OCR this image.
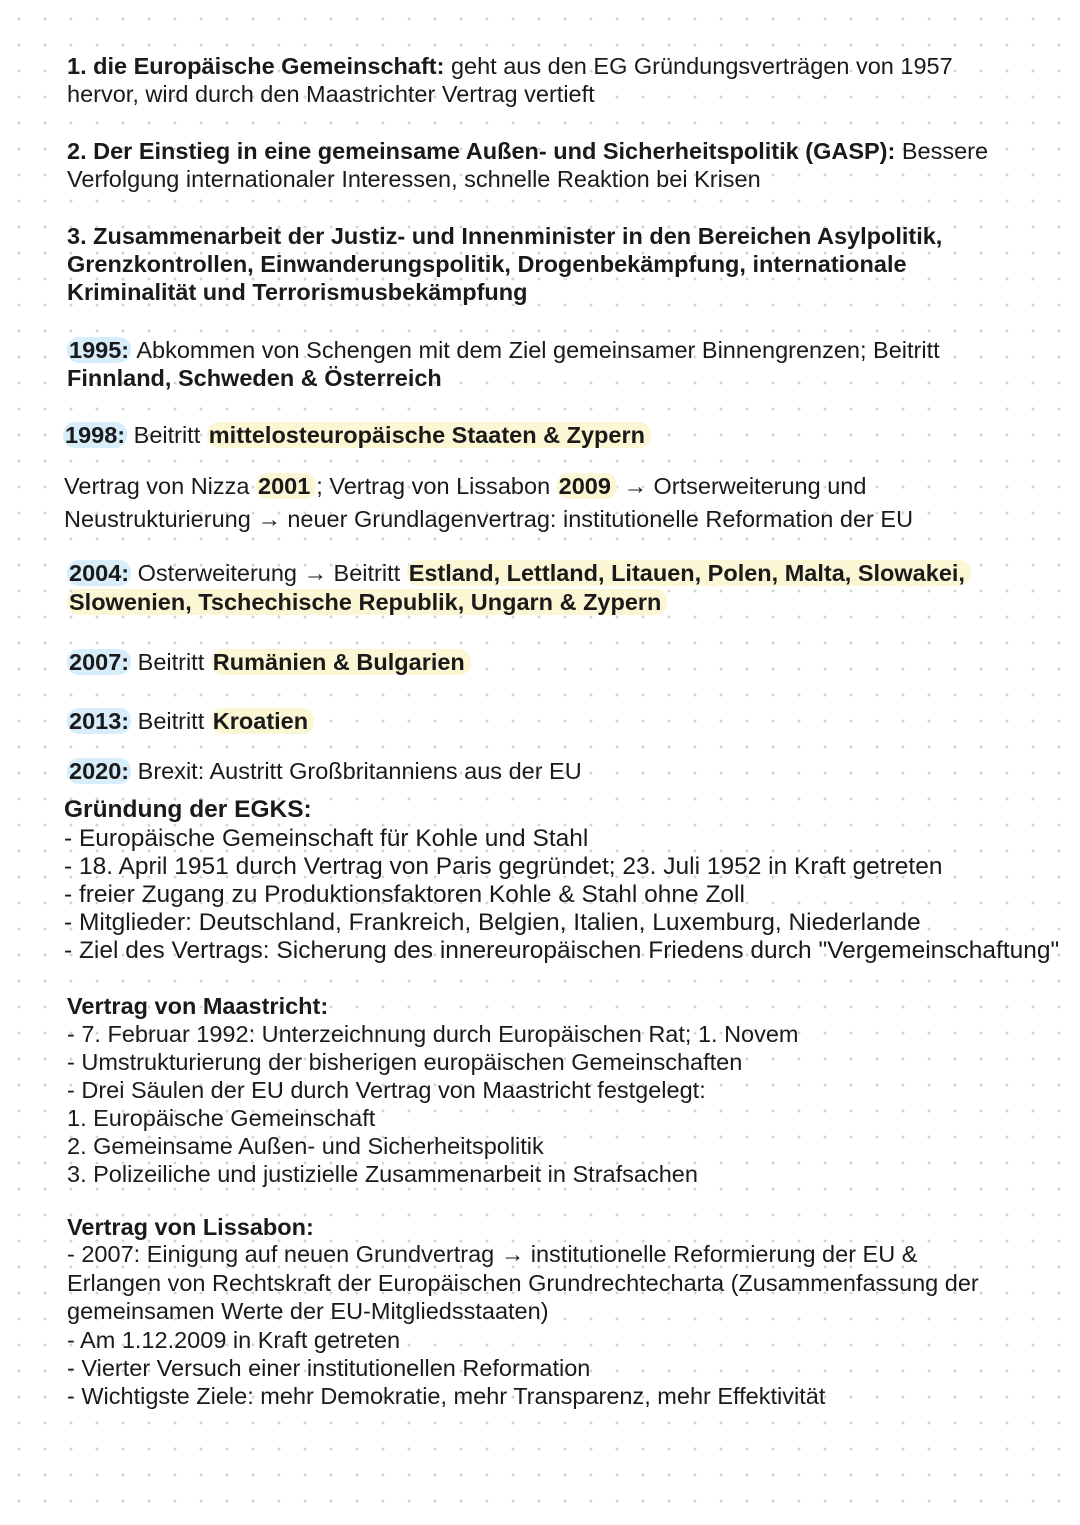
1. die Europäische Gemeinschaft: geht aus den EG Gründungsverträgen von 1957
hervor, wird durch den Maastrichter Vertrag vertieft
2. Der Einstieg in eine gemeinsame Außen- und Sicherheitspolitik (GASP): Bessere
Verfolgung internationaler Interessen, schnelle Reaktion bei Krisen
3. Zusammenarbeit der Justiz- und Innenminister in den Bereichen Asylpolitik,
Grenzkontrollen, Einwanderungspolitik, Drogenbekämpfung, internationale
Kriminalität und Terrorismusbekämpfung
1995: Abkommen von Schengen mit dem Ziel gemeinsamer Binnengrenzen; Beitritt
Finnland, Schweden & Österreich
1998: Beitritt mittelosteuropäische Staaten & Zypern
Vertrag von Nizza 2001 ; Vertrag von Lissabon 2009 → Ortserweiterung und
Neustrukturierung → neuer Grundlagenvertrag: institutionelle Reformation der EU
2004: Osterweiterung → Beitritt Estland, Lettland, Litauen, Polen, Malta, Slowakei,
Slowenien, Tschechische Republik, Ungarn & Zypern
2007: Beitritt Rumänien & Bulgarien
2013: Beitritt Kroatien
2020: Brexit: Austritt Großbritanniens aus der EU
Gründung der EGKS:
- Europäische Gemeinschaft für Kohle und Stahl
- 18. April 1951 durch Vertrag von Paris gegründet; 23. Juli 1952 in Kraft getreten
- freier Zugang zu Produktionsfaktoren Kohle & Stahl ohne Zoll
- Mitglieder: Deutschland, Frankreich, Belgien, Italien, Luxemburg, Niederlande
- Ziel des Vertrags: Sicherung des innereuropäischen Friedens durch "Vergemeinschaftung"
Vertrag von Maastricht:
- 7. Februar 1992: Unterzeichnung durch Europäischen Rat; 1. Novem
- Umstrukturierung der bisherigen europäischen Gemeinschaften
- Drei Säulen der EU durch Vertrag von Maastricht festgelegt:
1. Europäische Gemeinschaft
2. Gemeinsame Außen- und Sicherheitspolitik
3. Polizeiliche und justizielle Zusammenarbeit in Strafsachen
Vertrag von Lissabon:
- 2007: Einigung auf neuen Grundvertrag → institutionelle Reformierung der EU &
Erlangen von Rechtskraft der Europäischen Grundrechtecharta (Zusammenfassung der
gemeinsamen Werte der EU-Mitgliedsstaaten)
- Am 1.12.2009 in Kraft getreten
- Vierter Versuch einer institutionellen Reformation
- Wichtigste Ziele: mehr Demokratie, mehr Transparenz, mehr Effektivität
